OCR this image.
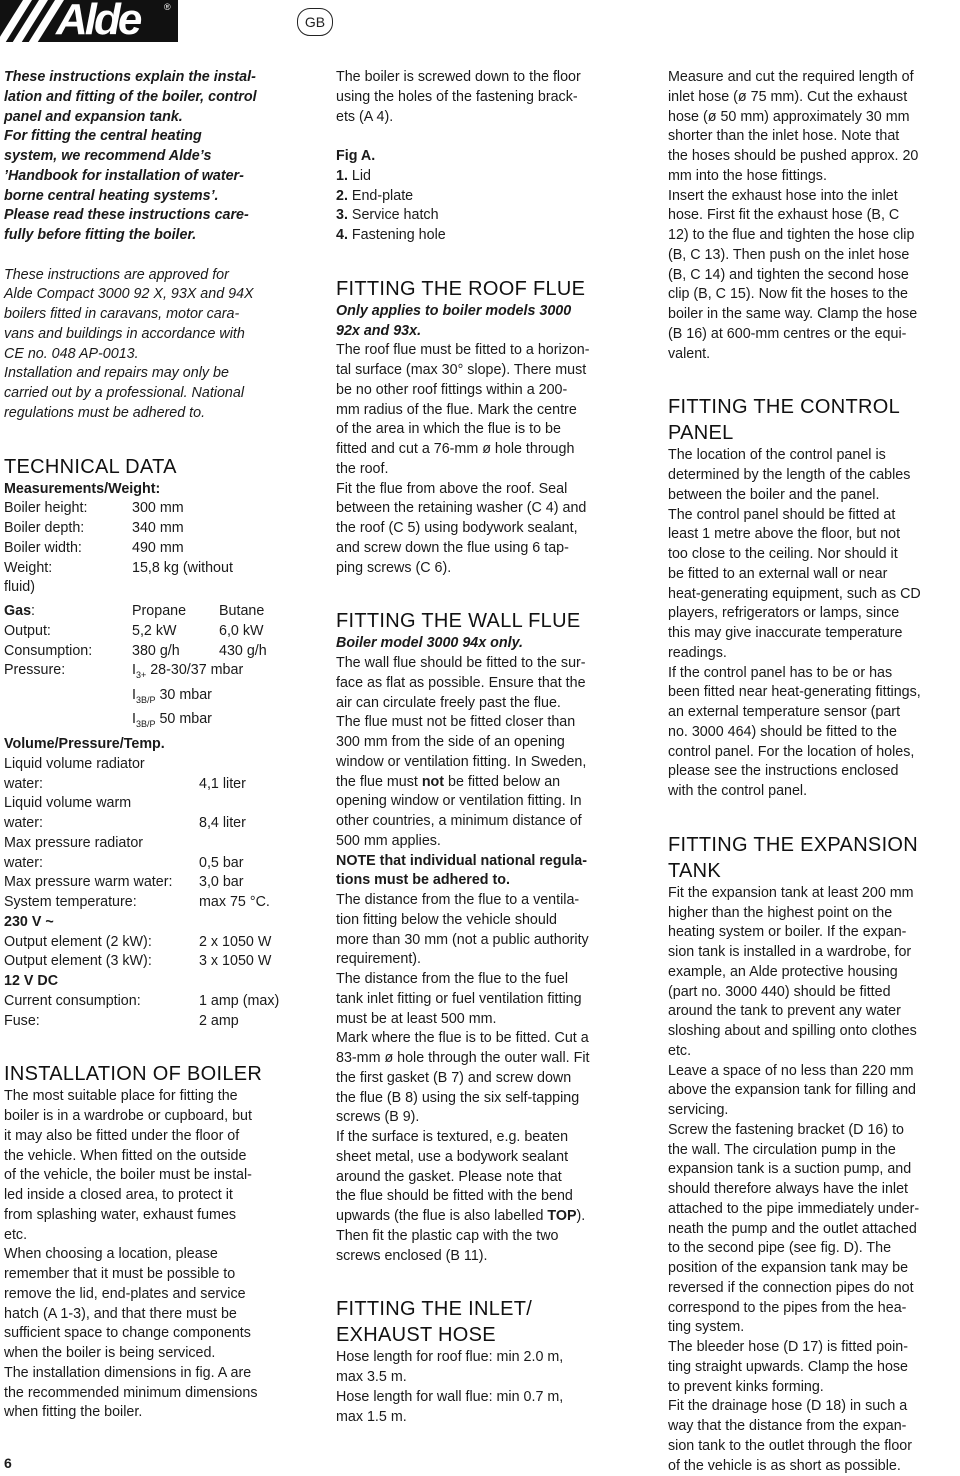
Alde	®
GB

These instructions explain the instal-

lation and fitting of the boiler, control

panel and expansion tank.

For fitting the central heating

system, we recommend Alde’s

’Handbook for installation of water-

borne central heating systems’.

Please read these instructions care-

fully before fitting the boiler.

These instructions are approved for

Alde Compact 3000 92 X, 93X and 94X

boilers fitted in caravans, motor cara-

vans and buildings in accordance with

CE no. 048 AP-0013.

Installation and repairs may only be

carried out by a professional. National

regulations must be adhered to.

TECHNICAL DATA

Measurements/Weight:

Boiler height:	300 mm
Boiler depth:	340 mm
Boiler width:	490 mm
Weight:	15,8 kg (without

fluid)

Gas:	Propane	Butane
Output:	5,2 kW	6,0 kW
Consumption:	380 g/h	430 g/h
Pressure:	$I_{3+}$ 28-30/37 mbar
$I_{3B/P}$ 30 mbar
$I_{3B/P}$ 50 mbar

Volume/Pressure/Temp.

Liquid volume radiator
water:	4,1 liter
Liquid volume warm
water:	8,4 liter
Max pressure radiator
water:	0,5 bar
Max pressure warm water:	3,0 bar
System temperature:	max 75 °C.

230 V ~

Output element (2 kW):	2 x 1050 W
Output element (3 kW):	3 x 1050 W

12 V DC

Current consumption:	1 amp (max)
Fuse:	2 amp
INSTALLATION OF BOILER

The most suitable place for fitting the

boiler is in a wardrobe or cupboard, but

it may also be fitted under the floor of

the vehicle. When fitted on the outside

of the vehicle, the boiler must be instal-

led inside a closed area, to protect it

from splashing water, exhaust fumes

etc.

When choosing a location, please

remember that it must be possible to

remove the lid, end-plates and service

hatch (A 1-3), and that there must be

sufficient space to change components

when the boiler is being serviced.

The installation dimensions in fig. A are

the recommended minimum dimensions

when fitting the boiler.

The boiler is screwed down to the floor

using the holes of the fastening brack-

ets (A 4).

Fig A.

1. Lid

2. End-plate

3. Service hatch

4. Fastening hole

FITTING THE ROOF FLUE

Only applies to boiler models 3000

92x and 93x.

The roof flue must be fitted to a horizon-

tal surface (max 30° slope). There must

be no other roof fittings within a 200-

mm radius of the flue. Mark the centre

of the area in which the flue is to be

fitted and cut a 76-mm ø hole through

the roof.

Fit the flue from above the roof. Seal

between the retaining washer (C 4) and

the roof (C 5) using bodywork sealant,

and screw down the flue using 6 tap-

ping screws (C 6).

FITTING THE WALL FLUE

Boiler model 3000 94x only.

The wall flue should be fitted to the sur-

face as flat as possible. Ensure that the

air can circulate freely past the flue.

The flue must not be fitted closer than

300 mm from the side of an opening

window or ventilation fitting. In Sweden,

the flue must not be fitted below an

opening window or ventilation fitting. In

other countries, a minimum distance of

500 mm applies.

NOTE that individual national regula-

tions must be adhered to.

The distance from the flue to a ventila-

tion fitting below the vehicle should

more than 30 mm (not a public authority

requirement).

The distance from the flue to the fuel

tank inlet fitting or fuel ventilation fitting

must be at least 500 mm.

Mark where the flue is to be fitted. Cut a

83-mm ø hole through the outer wall. Fit

the first gasket (B 7) and screw down

the flue (B 8) using the six self-tapping

screws (B 9).

If the surface is textured, e.g. beaten

sheet metal, use a bodywork sealant

around the gasket. Please note that

the flue should be fitted with the bend

upwards (the flue is also labelled TOP).

Then fit the plastic cap with the two

screws enclosed (B 11).

FITTING THE INLET/
EXHAUST HOSE

Hose length for roof flue: min 2.0 m,

max 3.5 m.

Hose length for wall flue: min 0.7 m,

max 1.5 m.

Measure and cut the required length of

inlet hose (ø 75 mm). Cut the exhaust

hose (ø 50 mm) approximately 30 mm

shorter than the inlet hose. Note that

the hoses should be pushed approx. 20

mm into the hose fittings.

Insert the exhaust hose into the inlet

hose. First fit the exhaust hose (B, C

12) to the flue and tighten the hose clip

(B, C 13). Then push on the inlet hose

(B, C 14) and tighten the second hose

clip (B, C 15). Now fit the hoses to the

boiler in the same way. Clamp the hose

(B 16) at 600-mm centres or the equi-

valent.

FITTING THE CONTROL
PANEL

The location of the control panel is

determined by the length of the cables

between the boiler and the panel.

The control panel should be fitted at

least 1 metre above the floor, but not

too close to the ceiling. Nor should it

be fitted to an external wall or near

heat-generating equipment, such as CD

players, refrigerators or lamps, since

this may give inaccurate temperature

readings.

If the control panel has to be or has

been fitted near heat-generating fittings,

an external temperature sensor (part

no. 3000 464) should be fitted to the

control panel. For the location of holes,

please see the instructions enclosed

with the control panel.

FITTING THE EXPANSION
TANK

Fit the expansion tank at least 200 mm

higher than the highest point on the

heating system or boiler. If the expan-

sion tank is installed in a wardrobe, for

example, an Alde protective housing

(part no. 3000 440) should be fitted

around the tank to prevent any water

sloshing about and spilling onto clothes

etc.

Leave a space of no less than 220 mm

above the expansion tank for filling and

servicing.

Screw the fastening bracket (D 16) to

the wall. The circulation pump in the

expansion tank is a suction pump, and

should therefore always have the inlet

attached to the pipe immediately under-

neath the pump and the outlet attached

to the second pipe (see fig. D). The

position of the expansion tank may be

reversed if the connection pipes do not

correspond to the pipes from the hea-

ting system.

The bleeder hose (D 17) is fitted poin-

ting straight upwards. Clamp the hose

to prevent kinks forming.

Fit the drainage hose (D 18) in such a

way that the distance from the expan-

sion tank to the outlet through the floor

of the vehicle is as short as possible.

6
